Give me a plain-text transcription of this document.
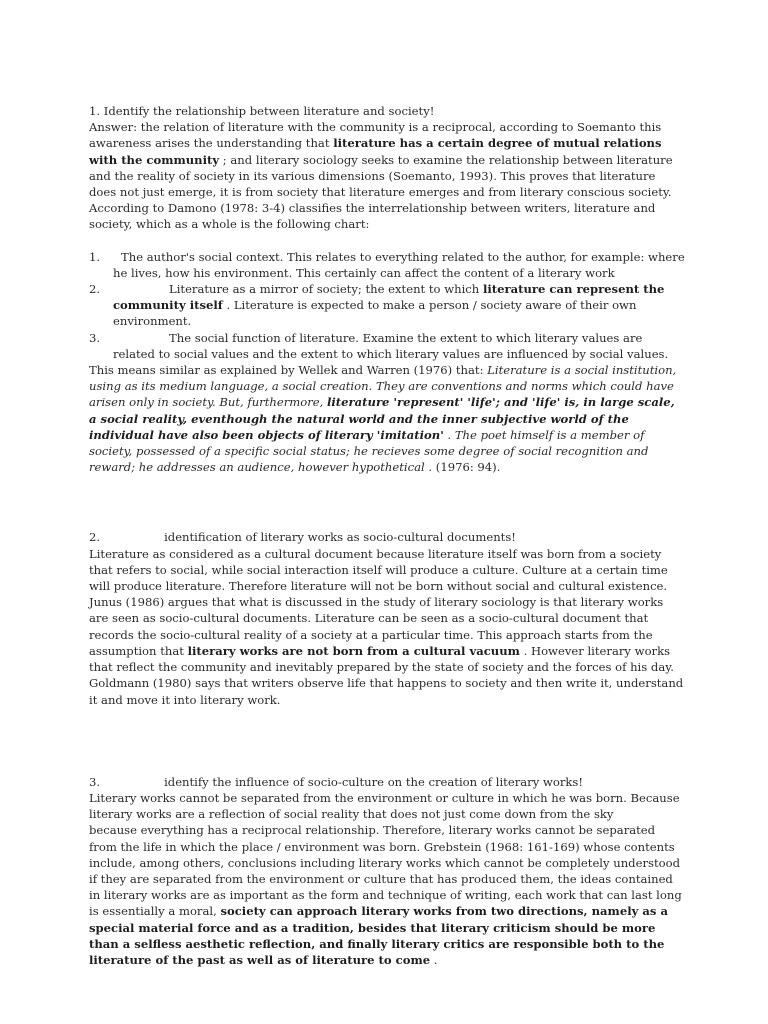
1. Identify the relationship between literature and society!

Answer: the relation of literature with the community is a reciprocal, according to Soemanto this awareness arises the understanding that literature has a certain degree of mutual relations with the community ; and literary sociology seeks to examine the relationship between literature and the reality of society in its various dimensions (Soemanto, 1993). This proves that literature does not just emerge, it is from society that literature emerges and from literary conscious society. According to Damono (1978: 3-4) classifies the interrelationship between writers, literature and society, which as a whole is the following chart:

1. The author's social context. This relates to everything related to the author, for example: where he lives, how his environment. This certainly can affect the content of a literary work

2.	Literature as a mirror of society; the extent to which literature can represent the community itself . Literature is expected to make a person / society aware of their own environment.

3.	The social function of literature. Examine the extent to which literary values are related to social values and the extent to which literary values are influenced by social values.

This means similar as explained by Wellek and Warren (1976) that: Literature is a social institution, using as its medium language, a social creation. They are conventions and norms which could have arisen only in society. But, furthermore, literature 'represent' 'life'; and 'life' is, in large scale, a social reality, eventhough the natural world and the inner subjective world of the individual have also been objects of literary 'imitation' . The poet himself is a member of society, possessed of a specific social status; he recieves some degree of social recognition and reward; he addresses an audience, however hypothetical . (1976: 94).

2.	identification of literary works as socio-cultural documents!

Literature as considered as a cultural document because literature itself was born from a society that refers to social, while social interaction itself will produce a culture. Culture at a certain time will produce literature. Therefore literature will not be born without social and cultural existence. Junus (1986) argues that what is discussed in the study of literary sociology is that literary works are seen as socio-cultural documents. Literature can be seen as a socio-cultural document that records the socio-cultural reality of a society at a particular time. This approach starts from the assumption that literary works are not born from a cultural vacuum . However literary works that reflect the community and inevitably prepared by the state of society and the forces of his day. Goldmann (1980) says that writers observe life that happens to society and then write it, understand it and move it into literary work.

3.	identify the influence of socio-culture on the creation of literary works!

Literary works cannot be separated from the environment or culture in which he was born. Because literary works are a reflection of social reality that does not just come down from the sky

because everything has a reciprocal relationship. Therefore, literary works cannot be separated from the life in which the place / environment was born. Grebstein (1968: 161-169) whose contents include, among others, conclusions including literary works which cannot be completely understood if they are separated from the environment or culture that has produced them, the ideas contained in literary works are as important as the form and technique of writing, each work that can last long is essentially a moral, society can approach literary works from two directions, namely as a special material force and as a tradition, besides that literary criticism should be more than a selfless aesthetic reflection, and finally literary critics are responsible both to the literature of the past as well as of literature to come .
